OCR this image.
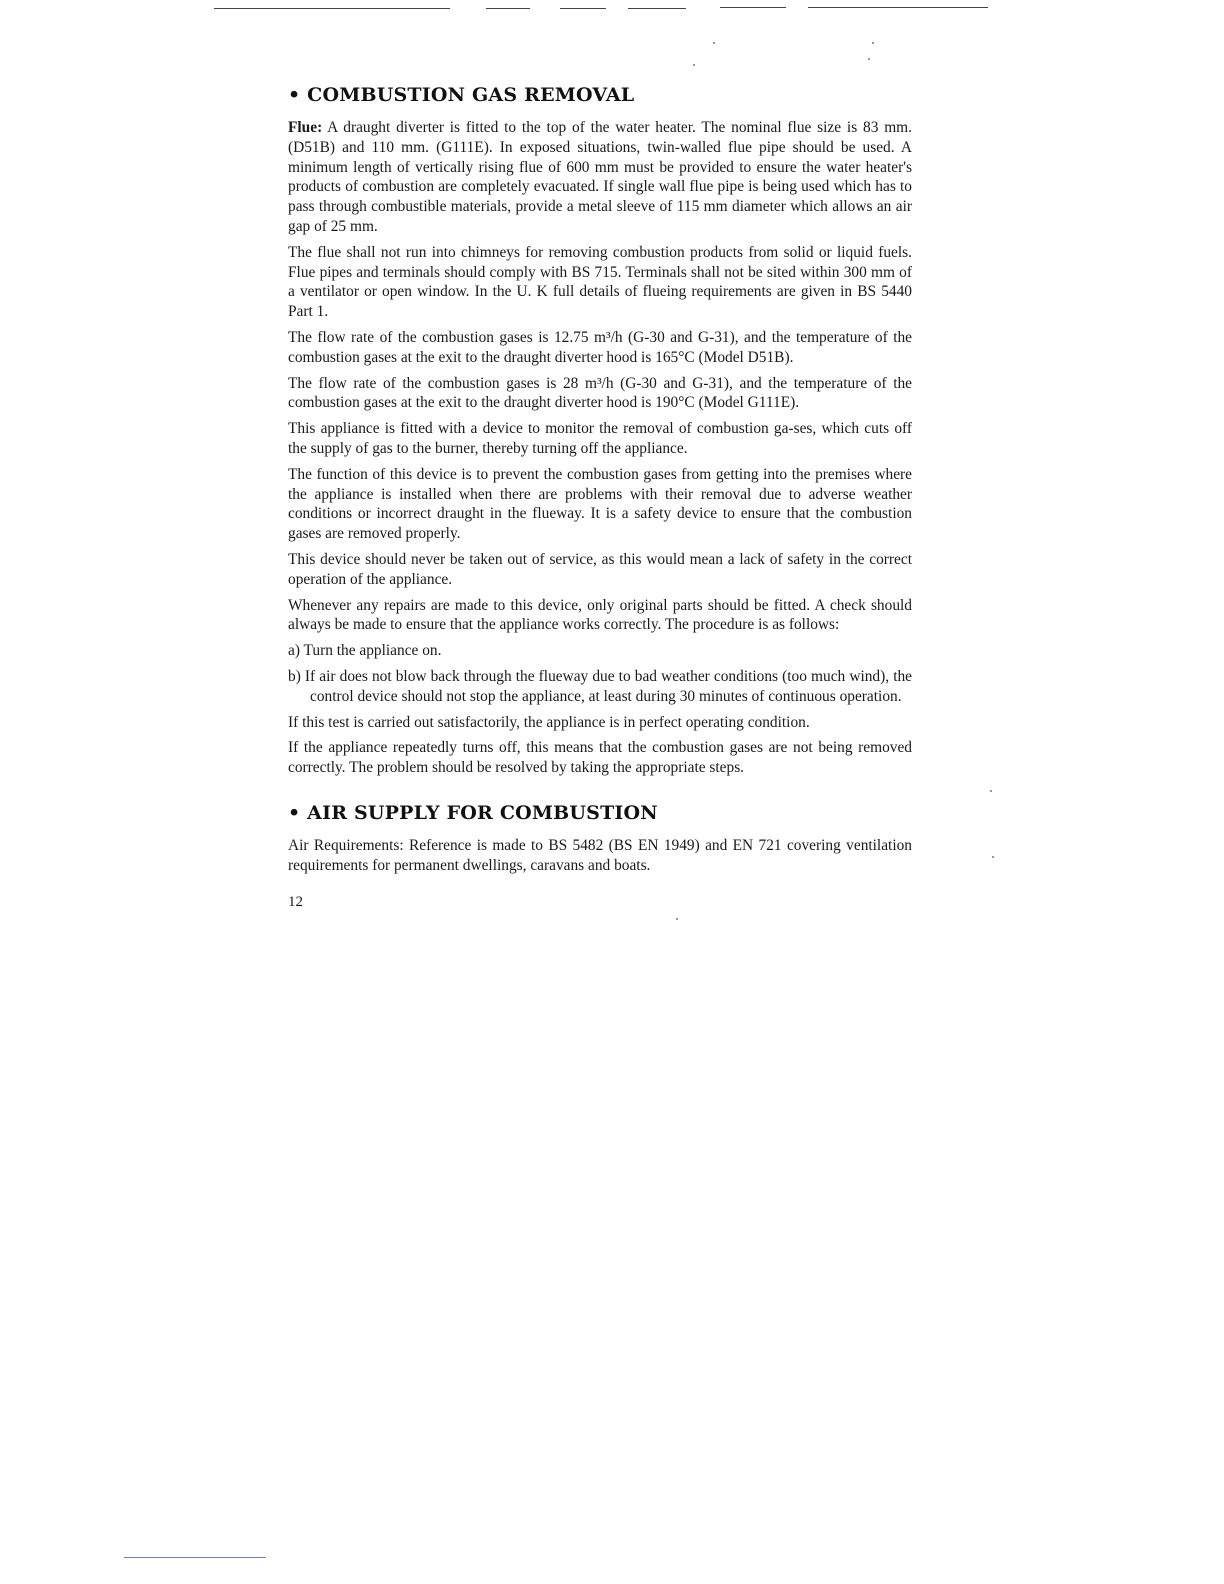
• COMBUSTION GAS REMOVAL

Flue: A draught diverter is fitted to the top of the water heater. The nominal flue size is 83 mm. (D51B) and 110 mm. (G111E). In exposed situations, twin-walled flue pipe should be used. A minimum length of vertically rising flue of 600 mm must be provided to ensure the water heater's products of combustion are completely evacuated. If single wall flue pipe is being used which has to pass through combustible materials, provide a metal sleeve of 115 mm diameter which allows an air gap of 25 mm.

The flue shall not run into chimneys for removing combustion products from solid or liquid fuels. Flue pipes and terminals should comply with BS 715. Terminals shall not be sited within 300 mm of a ventilator or open window. In the U. K full details of flueing requirements are given in BS 5440 Part 1.

The flow rate of the combustion gases is 12.75 m³/h (G-30 and G-31), and the temperature of the combustion gases at the exit to the draught diverter hood is 165°C (Model D51B).

The flow rate of the combustion gases is 28 m³/h (G-30 and G-31), and the temperature of the combustion gases at the exit to the draught diverter hood is 190°C (Model G111E).

This appliance is fitted with a device to monitor the removal of combustion ga-ses, which cuts off the supply of gas to the burner, thereby turning off the appliance.

The function of this device is to prevent the combustion gases from getting into the premises where the appliance is installed when there are problems with their removal due to adverse weather conditions or incorrect draught in the flueway. It is a safety device to ensure that the combustion gases are removed properly.

This device should never be taken out of service, as this would mean a lack of safety in the correct operation of the appliance.

Whenever any repairs are made to this device, only original parts should be fitted. A check should always be made to ensure that the appliance works correctly. The procedure is as follows:

a) Turn the appliance on.

b) If air does not blow back through the flueway due to bad weather conditions (too much wind), the control device should not stop the appliance, at least during 30 minutes of continuous operation.

If this test is carried out satisfactorily, the appliance is in perfect operating condition.

If the appliance repeatedly turns off, this means that the combustion gases are not being removed correctly. The problem should be resolved by taking the appropriate steps.

• AIR SUPPLY FOR COMBUSTION

Air Requirements: Reference is made to BS 5482 (BS EN 1949) and EN 721 covering ventilation requirements for permanent dwellings, caravans and boats.

12
